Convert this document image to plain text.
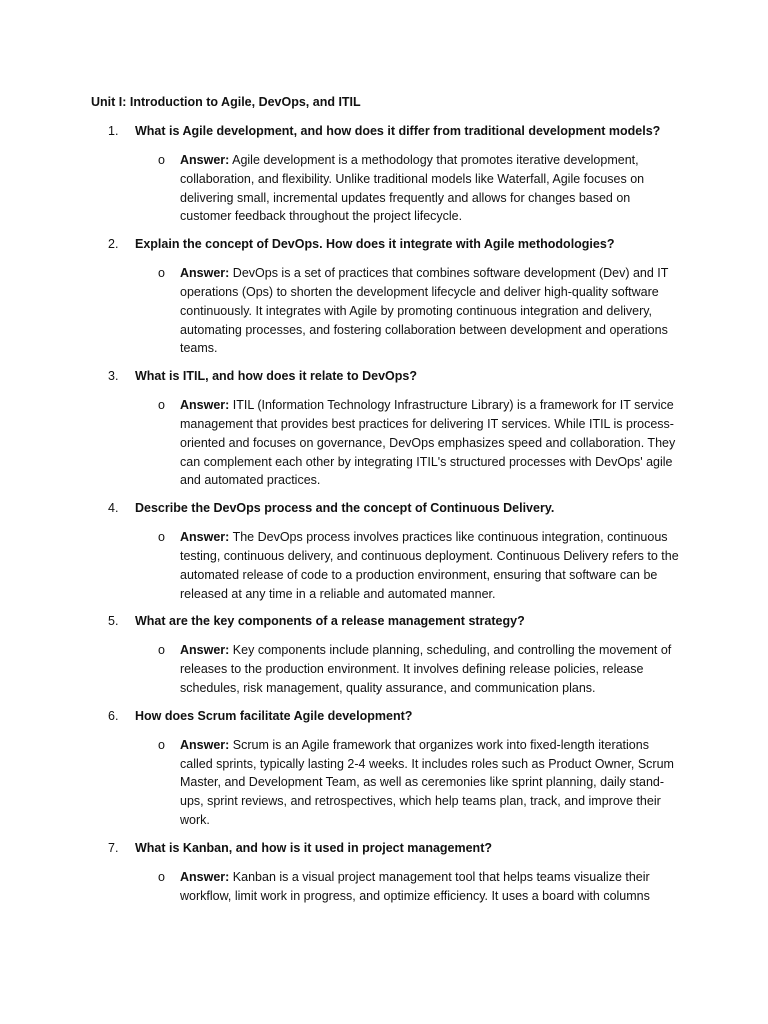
Unit I: Introduction to Agile, DevOps, and ITIL
1.	What is Agile development, and how does it differ from traditional development models?
o Answer: Agile development is a methodology that promotes iterative development, collaboration, and flexibility. Unlike traditional models like Waterfall, Agile focuses on delivering small, incremental updates frequently and allows for changes based on customer feedback throughout the project lifecycle.

2.	Explain the concept of DevOps. How does it integrate with Agile methodologies?
o Answer: DevOps is a set of practices that combines software development (Dev) and IT operations (Ops) to shorten the development lifecycle and deliver high-quality software continuously. It integrates with Agile by promoting continuous integration and delivery, automating processes, and fostering collaboration between development and operations teams.

3.	What is ITIL, and how does it relate to DevOps?
o Answer: ITIL (Information Technology Infrastructure Library) is a framework for IT service management that provides best practices for delivering IT services. While ITIL is process-oriented and focuses on governance, DevOps emphasizes speed and collaboration. They can complement each other by integrating ITIL's structured processes with DevOps' agile and automated practices.

4.	Describe the DevOps process and the concept of Continuous Delivery.
o Answer: The DevOps process involves practices like continuous integration, continuous testing, continuous delivery, and continuous deployment. Continuous Delivery refers to the automated release of code to a production environment, ensuring that software can be released at any time in a reliable and automated manner.

5.	What are the key components of a release management strategy?
o Answer: Key components include planning, scheduling, and controlling the movement of releases to the production environment. It involves defining release policies, release schedules, risk management, quality assurance, and communication plans.

6.	How does Scrum facilitate Agile development?
o Answer: Scrum is an Agile framework that organizes work into fixed-length iterations called sprints, typically lasting 2-4 weeks. It includes roles such as Product Owner, Scrum Master, and Development Team, as well as ceremonies like sprint planning, daily stand-ups, sprint reviews, and retrospectives, which help teams plan, track, and improve their work.

7.	What is Kanban, and how is it used in project management?
o Answer: Kanban is a visual project management tool that helps teams visualize their workflow, limit work in progress, and optimize efficiency. It uses a board with columns
